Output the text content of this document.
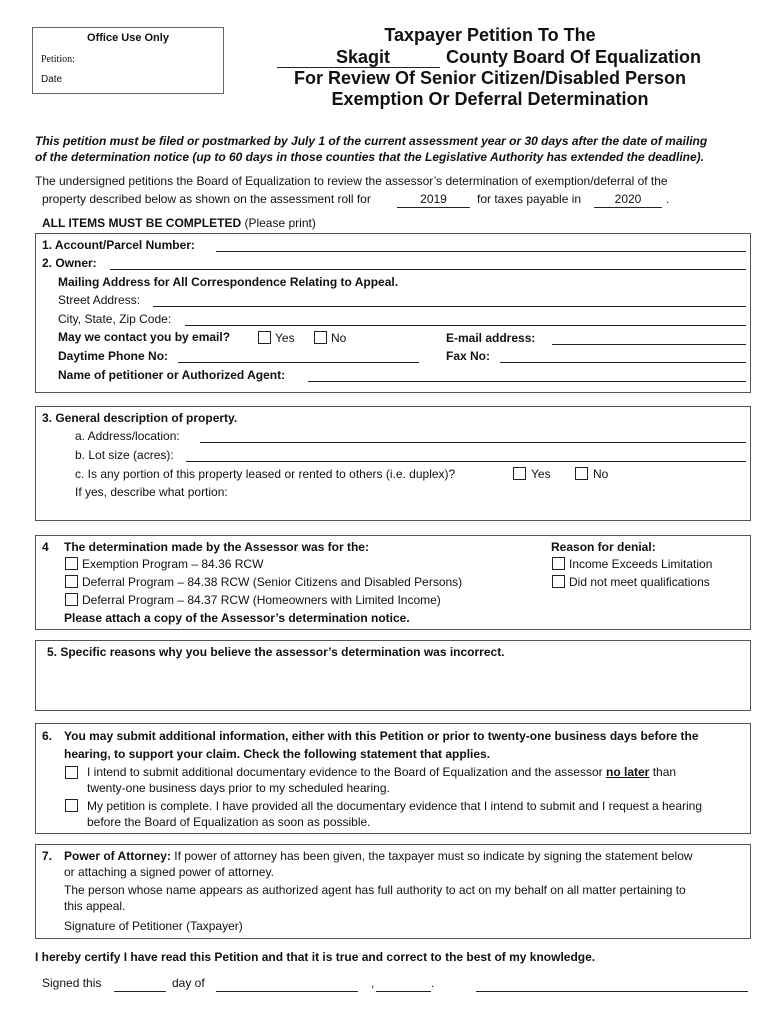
Office Use Only
Petition:
Date
Taxpayer Petition To The
Skagit	County Board Of Equalization
For Review Of Senior Citizen/Disabled Person
Exemption Or Deferral Determination
This petition must be filed or postmarked by July 1 of the current assessment year or 30 days after the date of mailing
of the determination notice (up to 60 days in those counties that the Legislative Authority has extended the deadline).
The undersigned petitions the Board of Equalization to review the assessor’s determination of exemption/deferral of the
property described below as shown on the assessment roll for	2019	for taxes payable in	2020	.
ALL ITEMS MUST BE COMPLETED (Please print)
1. Account/Parcel Number:
2. Owner:
Mailing Address for All Correspondence Relating to Appeal.
Street Address:
City, State, Zip Code:
May we contact you by email?	Yes	No	E-mail address:
Daytime Phone No:	Fax No:
Name of petitioner or Authorized Agent:
3. General description of property.
a. Address/location:
b. Lot size (acres):
c. Is any portion of this property leased or rented to others (i.e. duplex)?	Yes	No
If yes, describe what portion:
4 The determination made by the Assessor was for the:
Exemption Program – 84.36 RCW
Deferral Program – 84.38 RCW (Senior Citizens and Disabled Persons)
Deferral Program – 84.37 RCW (Homeowners with Limited Income)
Please attach a copy of the Assessor’s determination notice.
Reason for denial:
Income Exceeds Limitation
Did not meet qualifications
5. Specific reasons why you believe the assessor’s determination was incorrect.
6. You may submit additional information, either with this Petition or prior to twenty-one business days before the
hearing, to support your claim. Check the following statement that applies.
I intend to submit additional documentary evidence to the Board of Equalization and the assessor no later than
twenty-one business days prior to my scheduled hearing.
My petition is complete. I have provided all the documentary evidence that I intend to submit and I request a hearing
before the Board of Equalization as soon as possible.
7. Power of Attorney: If power of attorney has been given, the taxpayer must so indicate by signing the statement below
or attaching a signed power of attorney.
The person whose name appears as authorized agent has full authority to act on my behalf on all matter pertaining to
this appeal.
Signature of Petitioner (Taxpayer)
I hereby certify I have read this Petition and that it is true and correct to the best of my knowledge.
Signed this	day of	,	.
